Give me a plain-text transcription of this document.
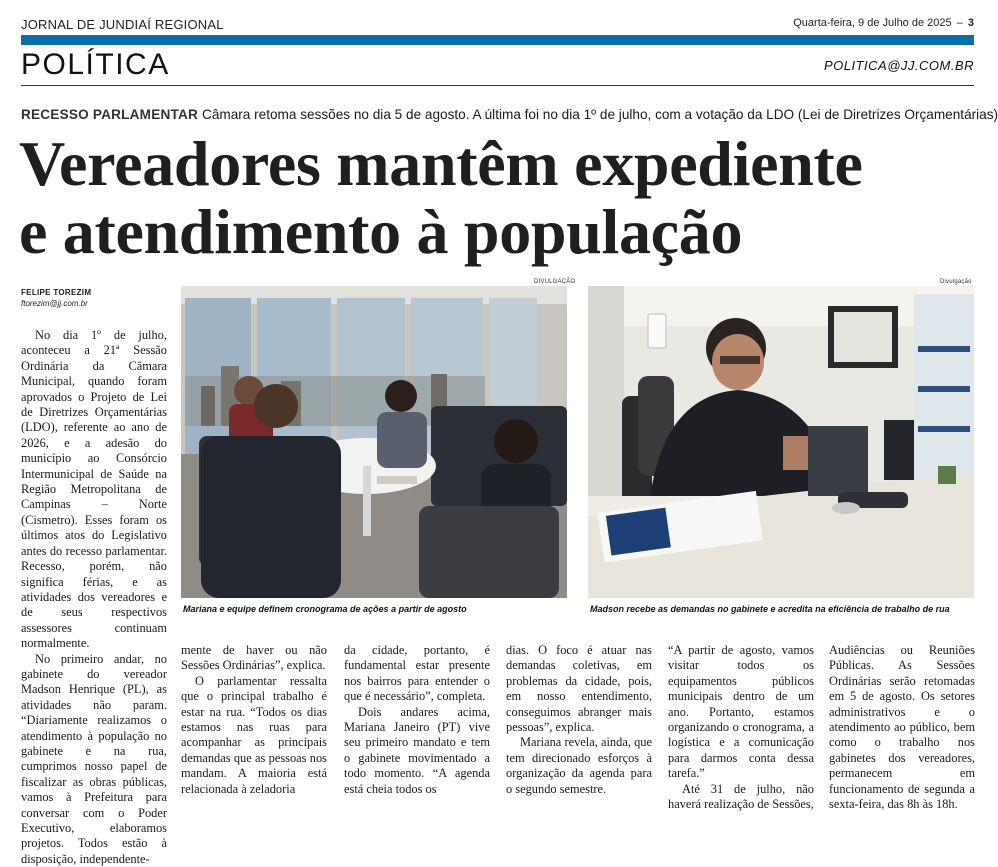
JORNAL DE JUNDIAÍ REGIONAL	Quarta-feira, 9 de Julho de 2025 – 3
POLÍTICA	POLITICA@JJ.COM.BR
RECESSO PARLAMENTAR Câmara retoma sessões no dia 5 de agosto. A última foi no dia 1º de julho, com a votação da LDO (Lei de Diretrizes Orçamentárias)
Vereadores mantêm expediente
e atendimento à população
FELIPE TOREZIM
ftorezim@jj.com.br

No dia 1º de julho, aconteceu a 21ª Sessão Ordinária da Câmara Municipal, quando foram aprovados o Projeto de Lei de Diretrizes Orçamentárias (LDO), referente ao ano de 2026, e a adesão do município ao Consórcio Intermunicipal de Saúde na Região Metropolitana de Campinas – Norte (Cismetro). Esses foram os últimos atos do Legislativo antes do recesso parlamentar. Recesso, porém, não significa férias, e as atividades dos vereadores e de seus respectivos assessores continuam normalmente.

No primeiro andar, no gabinete do vereador Madson Henrique (PL), as atividades não param. “Diariamente realizamos o atendimento à população no gabinete e na rua, cumprimos nosso papel de fiscalizar as obras públicas, vamos à Prefeitura para conversar com o Poder Executivo, elaboramos projetos. Todos estão à disposição, independente-

DIVULGAÇÃO
Mariana e equipe definem cronograma de ações a partir de agosto
Divulgação
Madson recebe as demandas no gabinete e acredita na eficiência de trabalho de rua

mente de haver ou não Sessões Ordinárias”, explica.

O parlamentar ressalta que o principal trabalho é estar na rua. “Todos os dias estamos nas ruas para acompanhar as principais demandas que as pessoas nos mandam. A maioria está relacionada à zeladoria

da cidade, portanto, é fundamental estar presente nos bairros para entender o que é necessário”, completa.

Dois andares acima, Mariana Janeiro (PT) vive seu primeiro mandato e tem o gabinete movimentado a todo momento. “A agenda está cheia todos os

dias. O foco é atuar nas demandas coletivas, em problemas da cidade, pois, em nosso entendimento, conseguimos abranger mais pessoas”, explica.

Mariana revela, ainda, que tem direcionado esforços à organização da agenda para o segundo semestre.

“A partir de agosto, vamos visitar todos os equipamentos públicos municipais dentro de um ano. Portanto, estamos organizando o cronograma, a logística e a comunicação para darmos conta dessa tarefa.”

Até 31 de julho, não haverá realização de Sessões,

Audiências ou Reuniões Públicas. As Sessões Ordinárias serão retomadas em 5 de agosto. Os setores administrativos e o atendimento ao público, bem como o trabalho nos gabinetes dos vereadores, permanecem em funcionamento de segunda a sexta-feira, das 8h às 18h.
